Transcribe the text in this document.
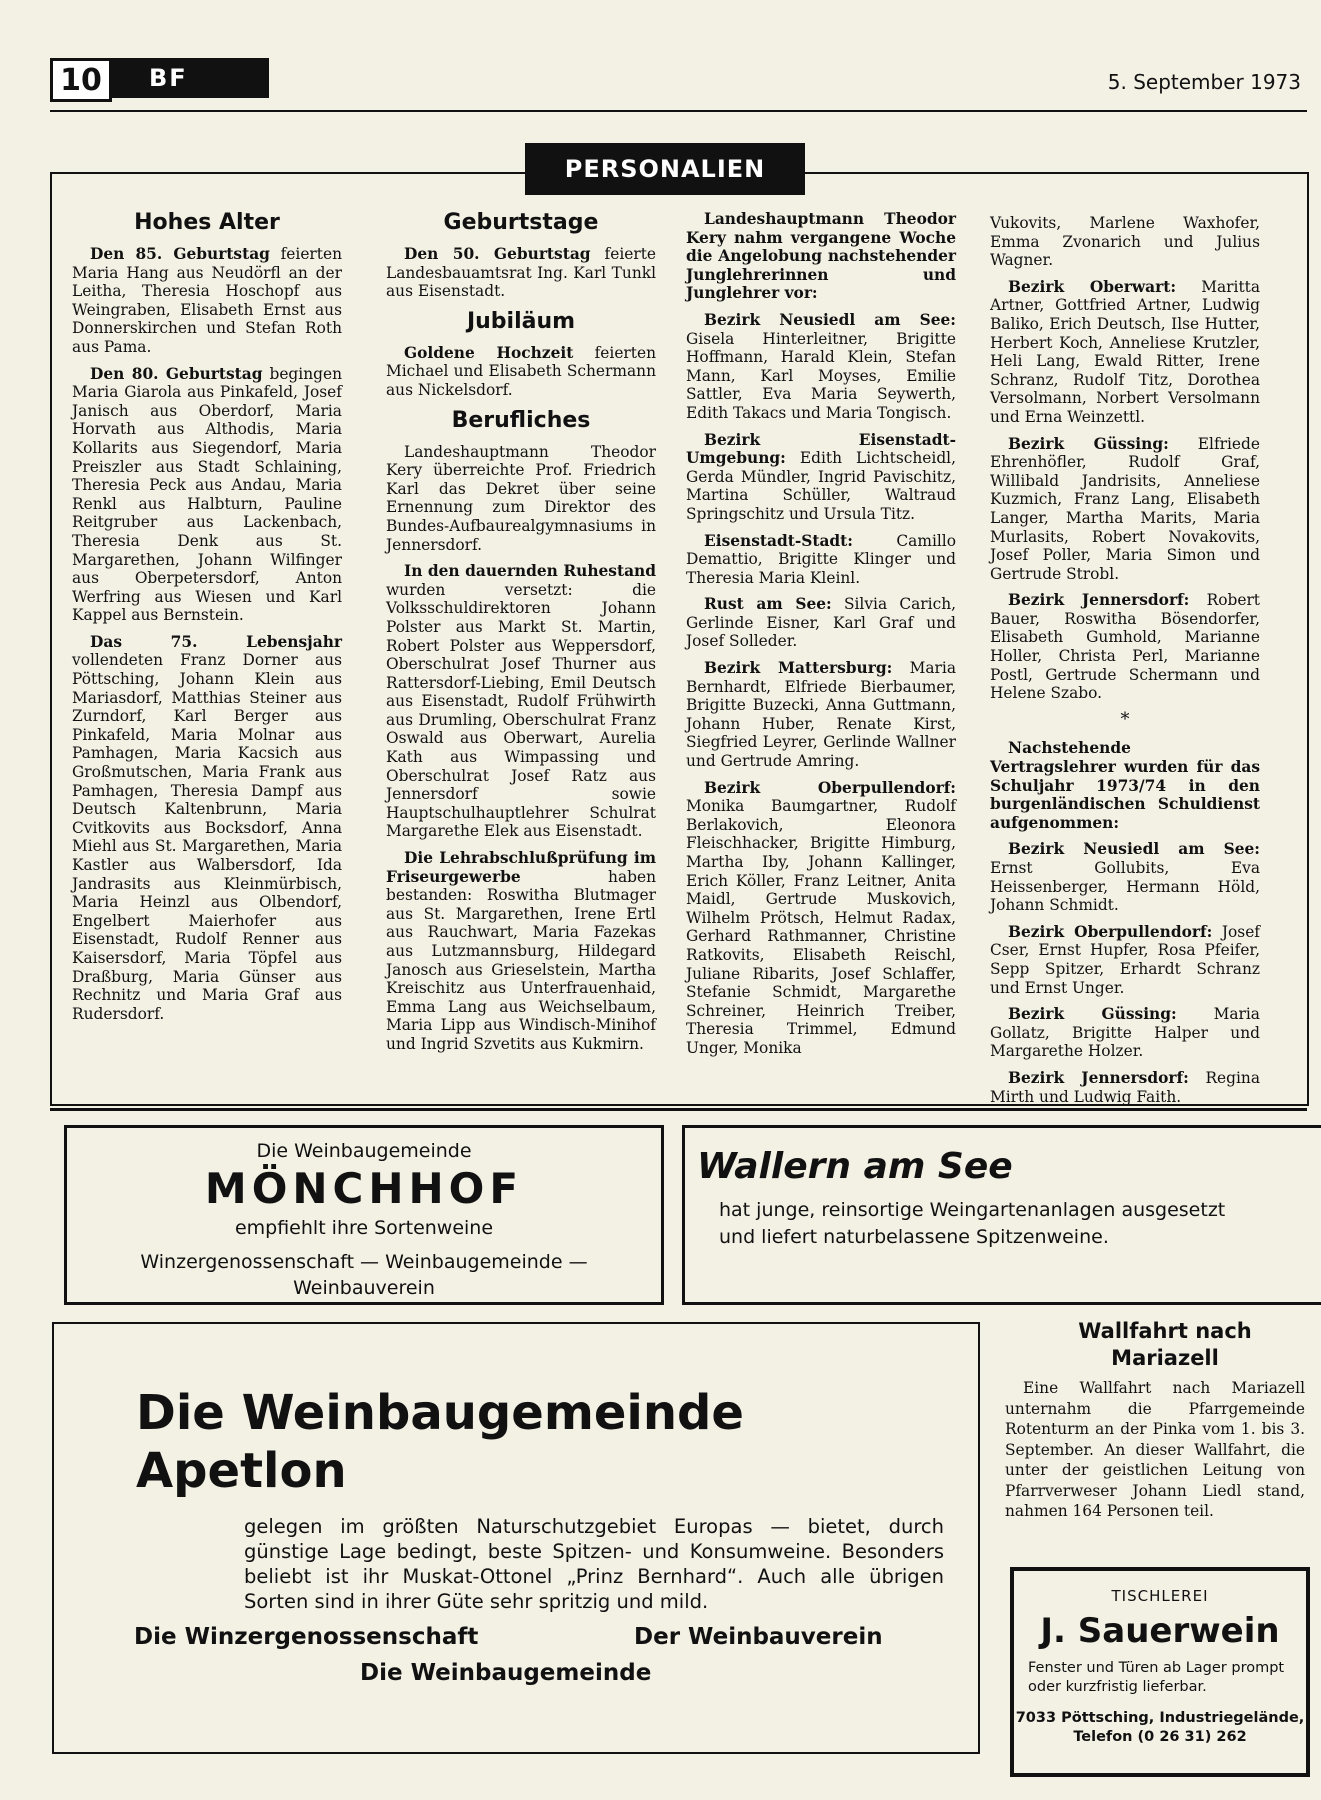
10	BF	5. September 1973
PERSONALIEN
Hohes Alter

Den 85. Geburtstag feierten Maria Hang aus Neudörfl an der Leitha, Theresia Hoschopf aus Weingraben, Elisabeth Ernst aus Donnerskirchen und Stefan Roth aus Pama.

Den 80. Geburtstag begingen Maria Giarola aus Pinkafeld, Josef Janisch aus Oberdorf, Maria Horvath aus Althodis, Maria Kollarits aus Siegendorf, Maria Preiszler aus Stadt Schlaining, Theresia Peck aus Andau, Maria Renkl aus Halbturn, Pauline Reitgruber aus Lackenbach, Theresia Denk aus St. Margarethen, Johann Wilfinger aus Oberpetersdorf, Anton Werfring aus Wiesen und Karl Kappel aus Bernstein.

Das 75. Lebensjahr vollendeten Franz Dorner aus Pöttsching, Johann Klein aus Mariasdorf, Matthias Steiner aus Zurndorf, Karl Berger aus Pinkafeld, Maria Molnar aus Pamhagen, Maria Kacsich aus Großmutschen, Maria Frank aus Pamhagen, Theresia Dampf aus Deutsch Kaltenbrunn, Maria Cvitkovits aus Bocksdorf, Anna Miehl aus St. Margarethen, Maria Kastler aus Walbersdorf, Ida Jandrasits aus Kleinmürbisch, Maria Heinzl aus Olbendorf, Engelbert Maierhofer aus Eisenstadt, Rudolf Renner aus Kaisersdorf, Maria Töpfel aus Draßburg, Maria Günser aus Rechnitz und Maria Graf aus Rudersdorf.

Geburtstage

Den 50. Geburtstag feierte Landesbauamtsrat Ing. Karl Tunkl aus Eisenstadt.

Jubiläum

Goldene Hochzeit feierten Michael und Elisabeth Schermann aus Nickelsdorf.

Berufliches

Landeshauptmann Theodor Kery überreichte Prof. Friedrich Karl das Dekret über seine Ernennung zum Direktor des Bundes-Aufbaurealgymnasiums in Jennersdorf.

In den dauernden Ruhestand wurden versetzt: die Volksschuldirektoren Johann Polster aus Markt St. Martin, Robert Polster aus Weppersdorf, Oberschulrat Josef Thurner aus Rattersdorf-Liebing, Emil Deutsch aus Eisenstadt, Rudolf Frühwirth aus Drumling, Oberschulrat Franz Oswald aus Oberwart, Aurelia Kath aus Wimpassing und Oberschulrat Josef Ratz aus Jennersdorf sowie Hauptschulhauptlehrer Schulrat Margarethe Elek aus Eisenstadt.

Die Lehrabschlußprüfung im Friseurgewerbe haben bestanden: Roswitha Blutmager aus St. Margarethen, Irene Ertl aus Rauchwart, Maria Fazekas aus Lutzmannsburg, Hildegard Janosch aus Grieselstein, Martha Kreischitz aus Unterfrauenhaid, Emma Lang aus Weichselbaum, Maria Lipp aus Windisch-Minihof und Ingrid Szvetits aus Kukmirn.

Landeshauptmann Theodor Kery nahm vergangene Woche die Angelobung nachstehender Junglehrerinnen und Junglehrer vor:

Bezirk Neusiedl am See: Gisela Hinterleitner, Brigitte Hoffmann, Harald Klein, Stefan Mann, Karl Moyses, Emilie Sattler, Eva Maria Seywerth, Edith Takacs und Maria Tongisch.

Bezirk Eisenstadt-Umgebung: Edith Lichtscheidl, Gerda Mündler, Ingrid Pavischitz, Martina Schüller, Waltraud Springschitz und Ursula Titz.

Eisenstadt-Stadt: Camillo Demattio, Brigitte Klinger und Theresia Maria Kleinl.

Rust am See: Silvia Carich, Gerlinde Eisner, Karl Graf und Josef Solleder.

Bezirk Mattersburg: Maria Bernhardt, Elfriede Bierbaumer, Brigitte Buzecki, Anna Guttmann, Johann Huber, Renate Kirst, Siegfried Leyrer, Gerlinde Wallner und Gertrude Amring.

Bezirk Oberpullendorf: Monika Baumgartner, Rudolf Berlakovich, Eleonora Fleischhacker, Brigitte Himburg, Martha Iby, Johann Kallinger, Erich Köller, Franz Leitner, Anita Maidl, Gertrude Muskovich, Wilhelm Prötsch, Helmut Radax, Gerhard Rathmanner, Christine Ratkovits, Elisabeth Reischl, Juliane Ribarits, Josef Schlaffer, Stefanie Schmidt, Margarethe Schreiner, Heinrich Treiber, Theresia Trimmel, Edmund Unger, Monika

Vukovits, Marlene Waxhofer, Emma Zvonarich und Julius Wagner.

Bezirk Oberwart: Maritta Artner, Gottfried Artner, Ludwig Baliko, Erich Deutsch, Ilse Hutter, Herbert Koch, Anneliese Krutzler, Heli Lang, Ewald Ritter, Irene Schranz, Rudolf Titz, Dorothea Versolmann, Norbert Versolmann und Erna Weinzettl.

Bezirk Güssing: Elfriede Ehrenhöfler, Rudolf Graf, Willibald Jandrisits, Anneliese Kuzmich, Franz Lang, Elisabeth Langer, Martha Marits, Maria Murlasits, Robert Novakovits, Josef Poller, Maria Simon und Gertrude Strobl.

Bezirk Jennersdorf: Robert Bauer, Roswitha Bösendorfer, Elisabeth Gumhold, Marianne Holler, Christa Perl, Marianne Postl, Gertrude Schermann und Helene Szabo.

*

Nachstehende Vertragslehrer wurden für das Schuljahr 1973/74 in den burgenländischen Schuldienst aufgenommen:

Bezirk Neusiedl am See: Ernst Gollubits, Eva Heissenberger, Hermann Höld, Johann Schmidt.

Bezirk Oberpullendorf: Josef Cser, Ernst Hupfer, Rosa Pfeifer, Sepp Spitzer, Erhardt Schranz und Ernst Unger.

Bezirk Güssing: Maria Gollatz, Brigitte Halper und Margarethe Holzer.

Bezirk Jennersdorf: Regina Mirth und Ludwig Faith.

Die Weinbaugemeinde
MÖNCHHOF
empfiehlt ihre Sortenweine
Winzergenossenschaft — Weinbaugemeinde —
Weinbauverein
Wallern am See
hat junge, reinsortige Weingartenanlagen ausgesetzt
und liefert naturbelassene Spitzenweine.
Die Weinbaugemeinde
Apetlon
gelegen im größten Naturschutzgebiet Europas — bietet, durch günstige Lage bedingt, beste Spitzen- und Konsumweine. Besonders beliebt ist ihr Muskat-Ottonel „Prinz Bernhard“. Auch alle übrigen Sorten sind in ihrer Güte sehr spritzig und mild.
Die Winzergenossenschaft	Der Weinbauverein
Die Weinbaugemeinde
Wallfahrt nach
Mariazell
Eine Wallfahrt nach Mariazell unternahm die Pfarrgemeinde Rotenturm an der Pinka vom 1. bis 3. September. An dieser Wallfahrt, die unter der geistlichen Leitung von Pfarrverweser Johann Liedl stand, nahmen 164 Personen teil.
TISCHLEREI
J. Sauerwein
Fenster und Türen ab Lager prompt oder kurzfristig lieferbar.
7033 Pöttsching, Industriegelände, Telefon (0 26 31) 262
